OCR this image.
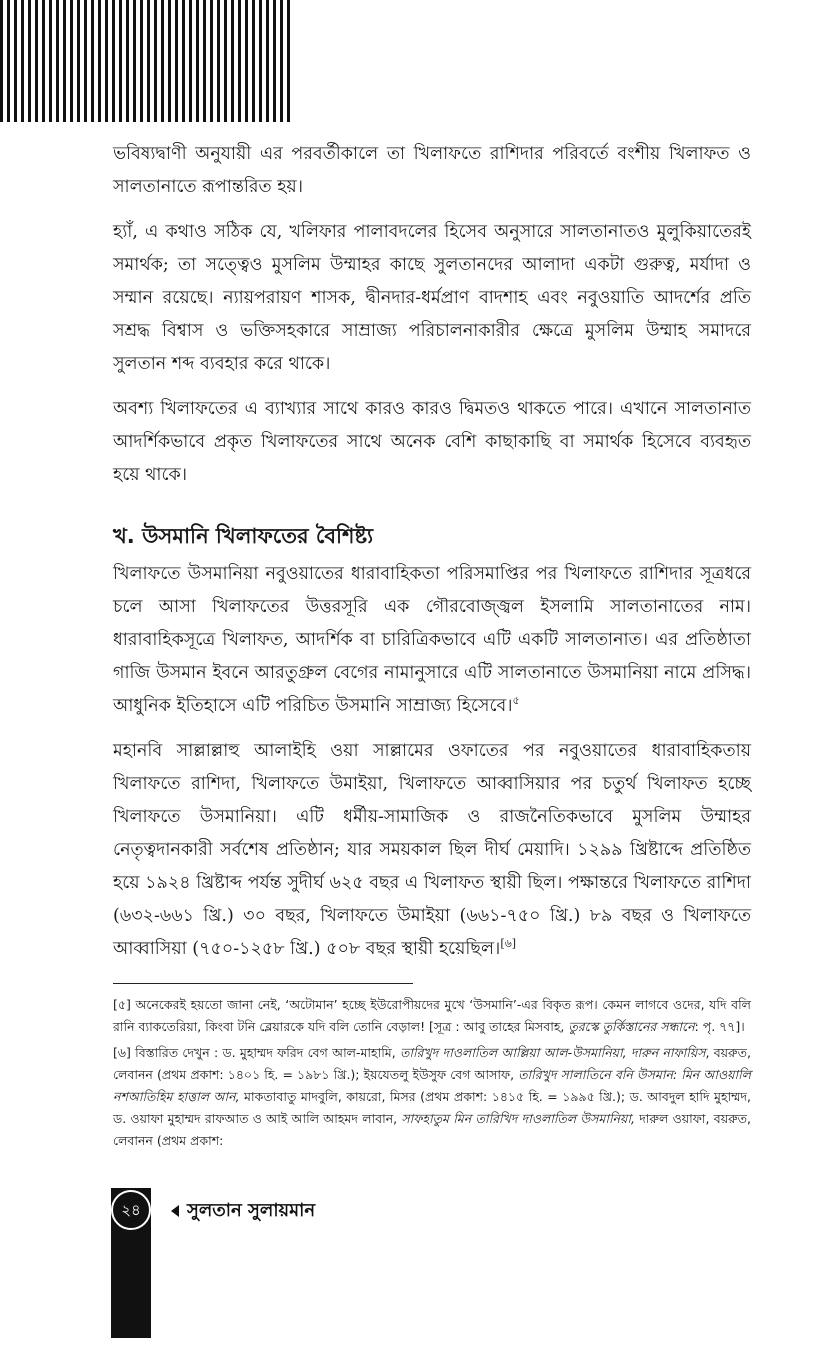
ভবিষ্যদ্বাণী অনুযায়ী এর পরবর্তীকালে তা খিলাফতে রাশিদার পরিবর্তে বংশীয় খিলাফত ও সালতানাতে রূপান্তরিত হয়।

হ্যাঁ, এ কথাও সঠিক যে, খলিফার পালাবদলের হিসেব অনুসারে সালতানাতও মুলুকিয়াতেরই সমার্থক; তা সত্ত্বেও মুসলিম উম্মাহর কাছে সুলতানদের আলাদা একটা গুরুত্ব, মর্যাদা ও সম্মান রয়েছে। ন্যায়পরায়ণ শাসক, দ্বীনদার-ধর্মপ্রাণ বাদশাহ এবং নবুওয়াতি আদর্শের প্রতি সশ্রদ্ধ বিশ্বাস ও ভক্তিসহকারে সাম্রাজ্য পরিচালনাকারীর ক্ষেত্রে মুসলিম উম্মাহ সমাদরে সুলতান শব্দ ব্যবহার করে থাকে।

অবশ্য খিলাফতের এ ব্যাখ্যার সাথে কারও কারও দ্বিমতও থাকতে পারে। এখানে সালতানাত আদর্শিকভাবে প্রকৃত খিলাফতের সাথে অনেক বেশি কাছাকাছি বা সমার্থক হিসেবে ব্যবহৃত হয়ে থাকে।

খ. উসমানি খিলাফতের বৈশিষ্ট্য

খিলাফতে উসমানিয়া নবুওয়াতের ধারাবাহিকতা পরিসমাপ্তির পর খিলাফতে রাশিদার সূত্রধরে চলে আসা খিলাফতের উত্তরসূরি এক গৌরবোজ্জ্বল ইসলামি সালতানাতের নাম। ধারাবাহিকসূত্রে খিলাফত, আদর্শিক বা চারিত্রিকভাবে এটি একটি সালতানাত। এর প্রতিষ্ঠাতা গাজি উসমান ইবনে আরতুগ্রুল বেগের নামানুসারে এটি সালতানাতে উসমানিয়া নামে প্রসিদ্ধ। আধুনিক ইতিহাসে এটি পরিচিত উসমানি সাম্রাজ্য হিসেবে।$^৫$

মহানবি সাল্লাল্লাহু আলাইহি ওয়া সাল্লামের ওফাতের পর নবুওয়াতের ধারাবাহিকতায় খিলাফতে রাশিদা, খিলাফতে উমাইয়া, খিলাফতে আব্বাসিয়ার পর চতুর্থ খিলাফত হচ্ছে খিলাফতে উসমানিয়া। এটি ধর্মীয়-সামাজিক ও রাজনৈতিকভাবে মুসলিম উম্মাহর নেতৃত্বদানকারী সর্বশেষ প্রতিষ্ঠান; যার সময়কাল ছিল দীর্ঘ মেয়াদি। ১২৯৯ খ্রিষ্টাব্দে প্রতিষ্ঠিত হয়ে ১৯২৪ খ্রিষ্টাব্দ পর্যন্ত সুদীর্ঘ ৬২৫ বছর এ খিলাফত স্থায়ী ছিল। পক্ষান্তরে খিলাফতে রাশিদা (৬৩২-৬৬১ খ্রি.) ৩০ বছর, খিলাফতে উমাইয়া (৬৬১-৭৫০ খ্রি.) ৮৯ বছর ও খিলাফতে আব্বাসিয়া (৭৫০-১২৫৮ খ্রি.) ৫০৮ বছর স্থায়ী হয়েছিল।[৬]

[৫] অনেকেরই হয়তো জানা নেই, ‘অটোমান’ হচ্ছে ইউরোপীয়দের মুখে ‘উসমানি’-এর বিকৃত রূপ। কেমন লাগবে ওদের, যদি বলি রানি ব্যাকতেরিয়া, কিংবা টনি ব্লেয়ারকে যদি বলি তোনি বেড়াল! [সূত্র : আবু তাহের মিসবাহ, তুরস্কে তুর্কিস্তানের সন্ধানে: পৃ. ৭৭]।

[৬] বিস্তারিত দেখুন : ড. মুহাম্মদ ফরিদ বেগ আল-মাহামি, তারিখুদ দাওলাতিল আল্লিয়া আল-উসমানিয়া, দারুন নাফায়িস, বয়রুত, লেবানন (প্রথম প্রকাশ: ১৪০১ হি. = ১৯৮১ খ্রি.); ইয়যেতলু ইউসুফ বেগ আসাফ, তারিখুদ সালাতিনে বনি উসমান: মিন আওয়ালি নশআতিহিম হাত্তাল আন, মাকতাবাতু মাদবুলি, কায়রো, মিসর (প্রথম প্রকাশ: ১৪১৫ হি. = ১৯৯৫ খ্রি.); ড. আবদুল হাদি মুহাম্মদ, ড. ওয়াফা মুহাম্মদ রাফআত ও আই আলি আহমদ লাবান, সাফহাতুম মিন তারিখিদ দাওলাতিল উসমানিয়া, দারুল ওয়াফা, বয়রুত, লেবানন (প্রথম প্রকাশ:

২৪	সুলতান সুলায়মান
